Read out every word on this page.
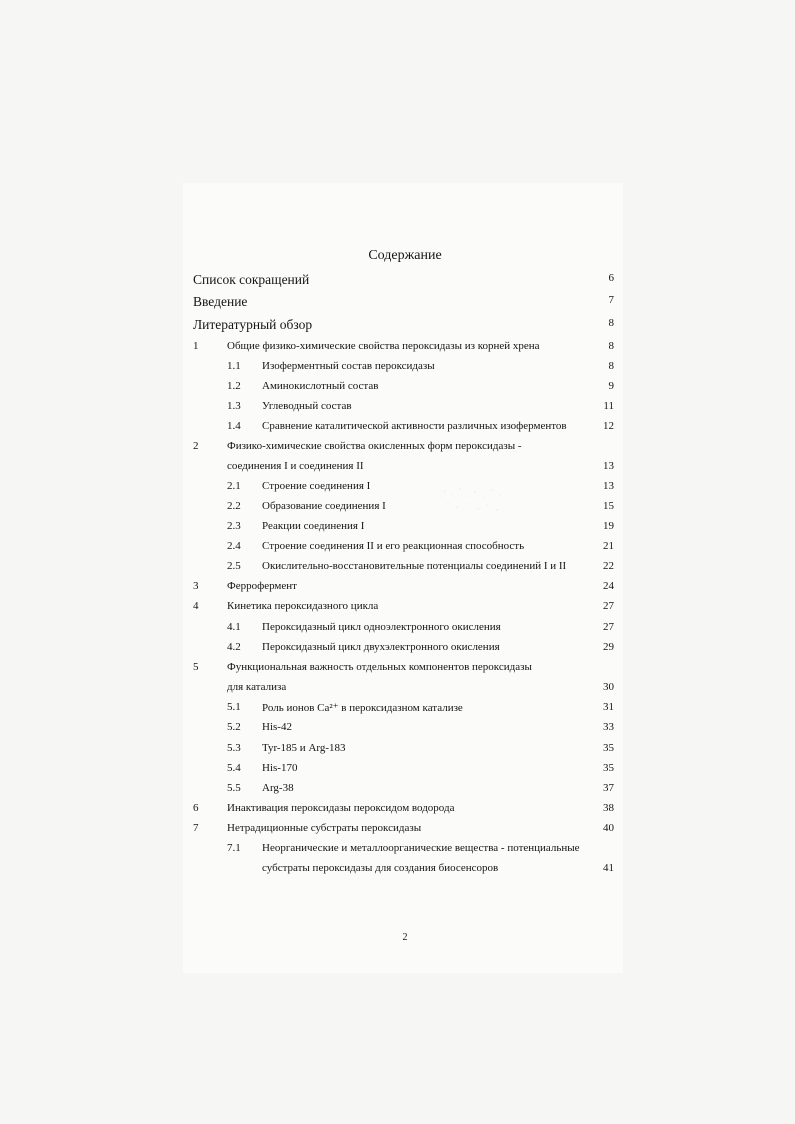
Содержание
Список сокращений	6
Введение	7
Литературный обзор	8
1	Общие физико-химические свойства пероксидазы из корней хрена	8
1.1 Изоферментный состав пероксидазы	8
1.2 Аминокислотный состав	9
1.3 Углеводный состав	11
1.4 Сравнение каталитической активности различных изоферментов	12
2	Физико-химические свойства окисленных форм пероксидазы -
соединения I и соединения II	13
2.1 Строение соединения I	13
2.2 Образование соединения I	15
2.3 Реакции соединения I	19
2.4 Строение соединения II и его реакционная способность	21
2.5 Окислительно-восстановительные потенциалы соединений I и II	22
3	Феррофермент	24
4	Кинетика пероксидазного цикла	27
4.1 Пероксидазный цикл одноэлектронного окисления	27
4.2 Пероксидазный цикл двухэлектронного окисления	29
5	Функциональная важность отдельных компонентов пероксидазы
для катализа	30
5.1 Роль ионов Ca²⁺ в пероксидазном катализе	31
5.2 His-42	33
5.3 Tyr-185 и Arg-183	35
5.4 His-170	35
5.5 Arg-38	37
6	Инактивация пероксидазы пероксидом водорода	38
7	Нетрадиционные субстраты пероксидазы	40
7.1 Неорганические и металлоорганические вещества - потенциальные
субстраты пероксидазы для создания биосенсоров	41
2
